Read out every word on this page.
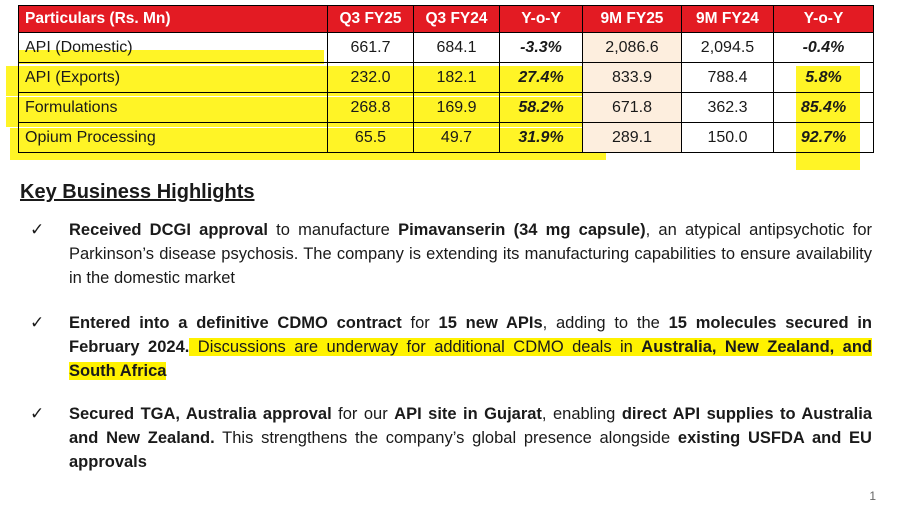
Particulars (Rs. Mn)	Q3 FY25	Q3 FY24	Y-o-Y	9M FY25	9M FY24	Y-o-Y
API (Domestic)	661.7	684.1	-3.3%	2,086.6	2,094.5	-0.4%
API (Exports)	232.0	182.1	27.4%	833.9	788.4	5.8%
Formulations	268.8	169.9	58.2%	671.8	362.3	85.4%
Opium Processing	65.5	49.7	31.9%	289.1	150.0	92.7%
Key Business Highlights
✓	Received DCGI approval to manufacture Pimavanserin (34 mg capsule), an atypical antipsychotic for Parkinson’s disease psychosis. The company is extending its manufacturing capabilities to ensure availability in the domestic market
✓	Entered into a definitive CDMO contract for 15 new APIs, adding to the 15 molecules secured in February 2024. Discussions are underway for additional CDMO deals in Australia, New Zealand, and South Africa
✓	Secured TGA, Australia approval for our API site in Gujarat, enabling direct API supplies to Australia and New Zealand. This strengthens the company’s global presence alongside existing USFDA and EU approvals
1
